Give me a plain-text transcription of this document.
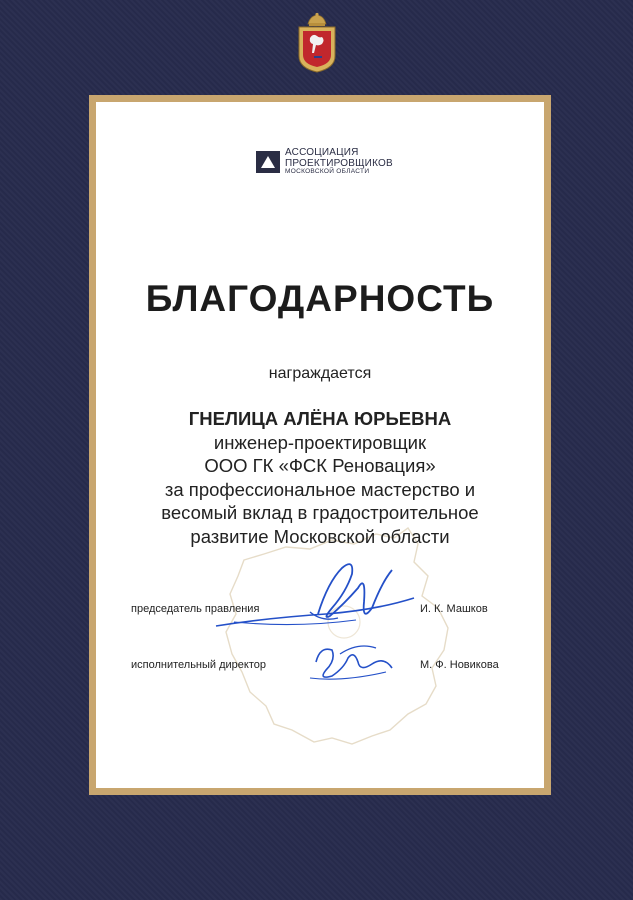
АССОЦИАЦИЯ
ПРОЕКТИРОВЩИКОВ
МОСКОВСКОЙ ОБЛАСТИ
БЛАГОДАРНОСТЬ
награждается
ГНЕЛИЦА АЛЁНА ЮРЬЕВНА
инженер-проектировщик
ООО ГК «ФСК Реновация»
за профессиональное мастерство и
весомый вклад в градостроительное
развитие Московской области
председатель правления	И. К. Машков
исполнительный директор	М. Ф. Новикова
